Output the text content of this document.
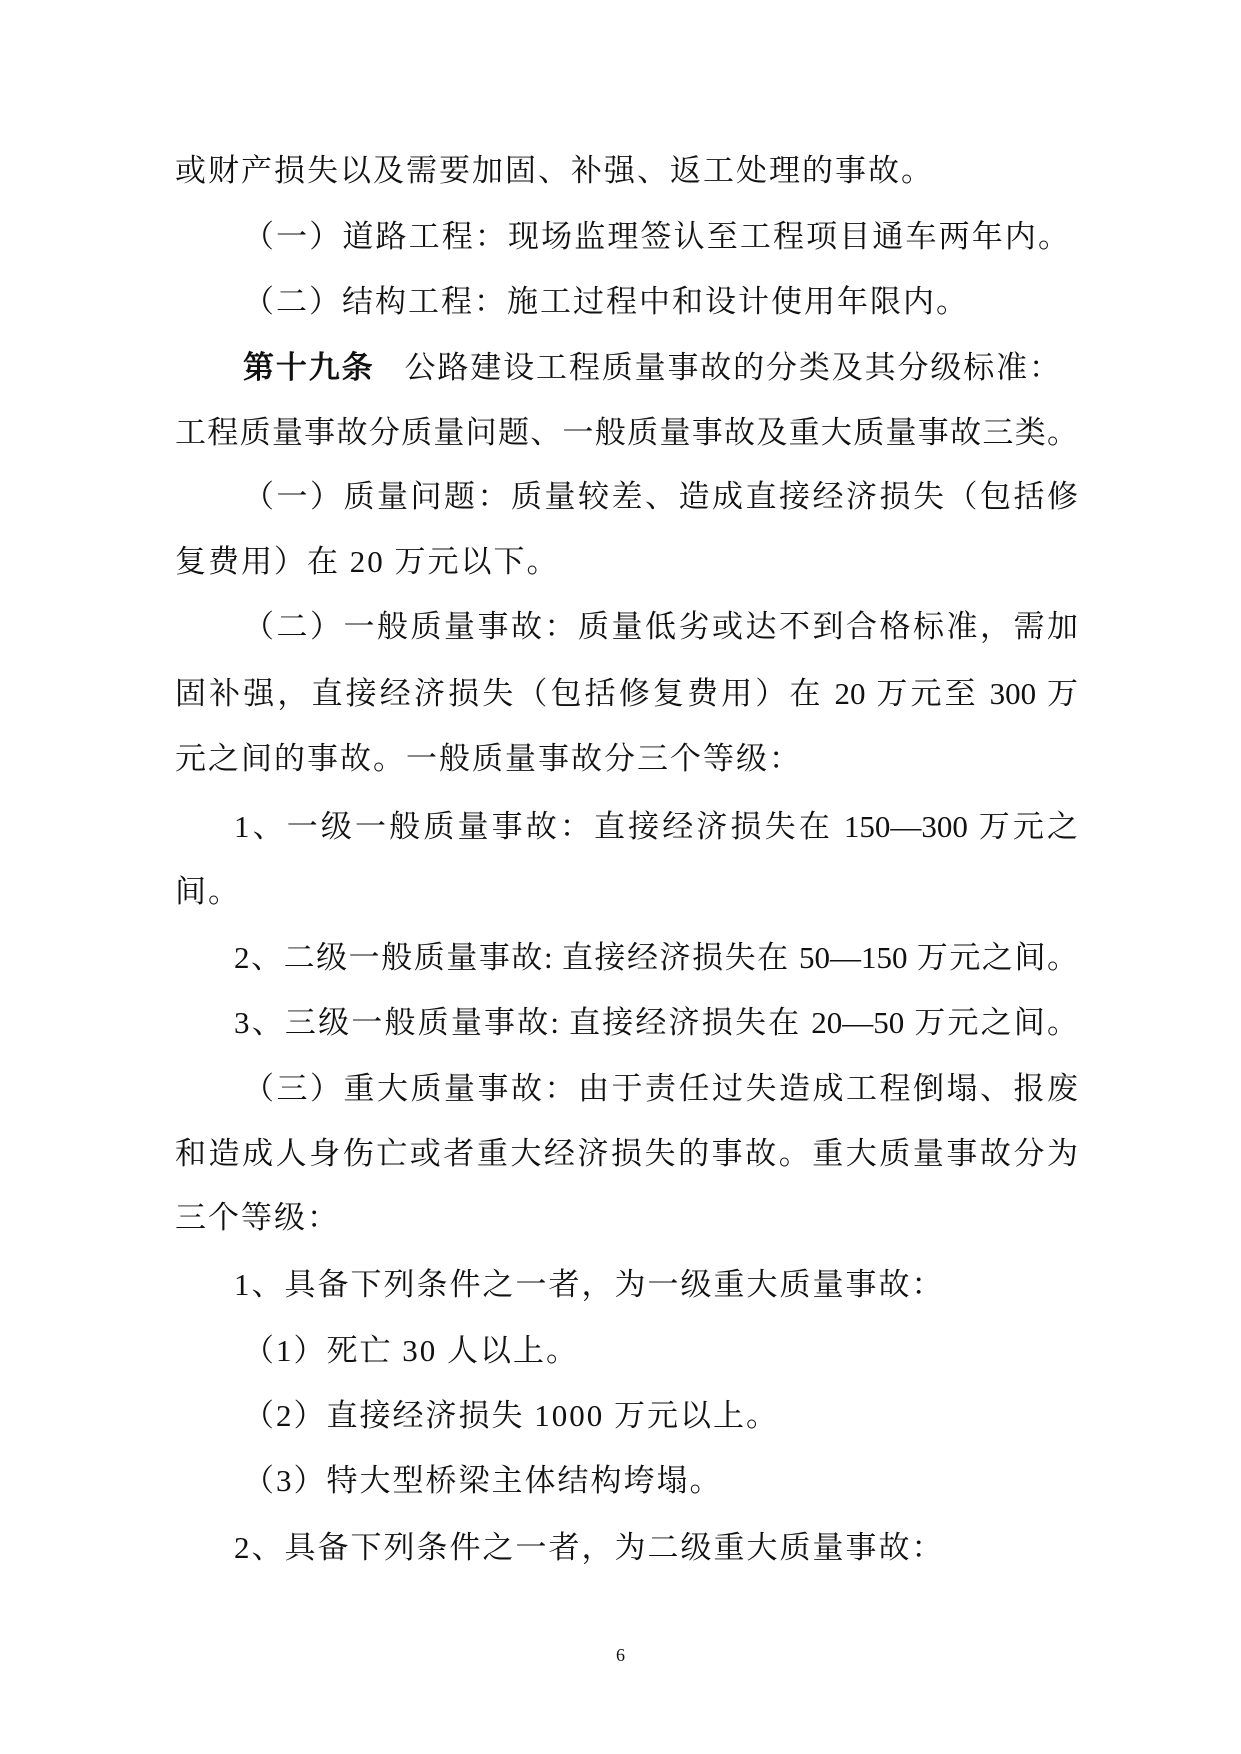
或财产损失以及需要加固、补强、返工处理的事故。
（一）道路工程：现场监理签认至工程项目通车两年内。
（二）结构工程：施工过程中和设计使用年限内。
第十九条 公路建设工程质量事故的分类及其分级标准：
工程质量事故分质量问题、一般质量事故及重大质量事故三类。
（一）质量问题：质量较差、造成直接经济损失（包括修
复费用）在 20 万元以下。
（二）一般质量事故：质量低劣或达不到合格标准，需加
固补强，直接经济损失（包括修复费用）在 20 万元至 300 万
元之间的事故。一般质量事故分三个等级：
1、一级一般质量事故：直接经济损失在 150—300 万元之
间。
2、二级一般质量事故: 直接经济损失在 50—150 万元之间。
3、三级一般质量事故: 直接经济损失在 20—50 万元之间。
（三）重大质量事故：由于责任过失造成工程倒塌、报废
和造成人身伤亡或者重大经济损失的事故。重大质量事故分为
三个等级：
1、具备下列条件之一者，为一级重大质量事故：
（1）死亡 30 人以上。
（2）直接经济损失 1000 万元以上。
（3）特大型桥梁主体结构垮塌。
2、具备下列条件之一者，为二级重大质量事故：
6
